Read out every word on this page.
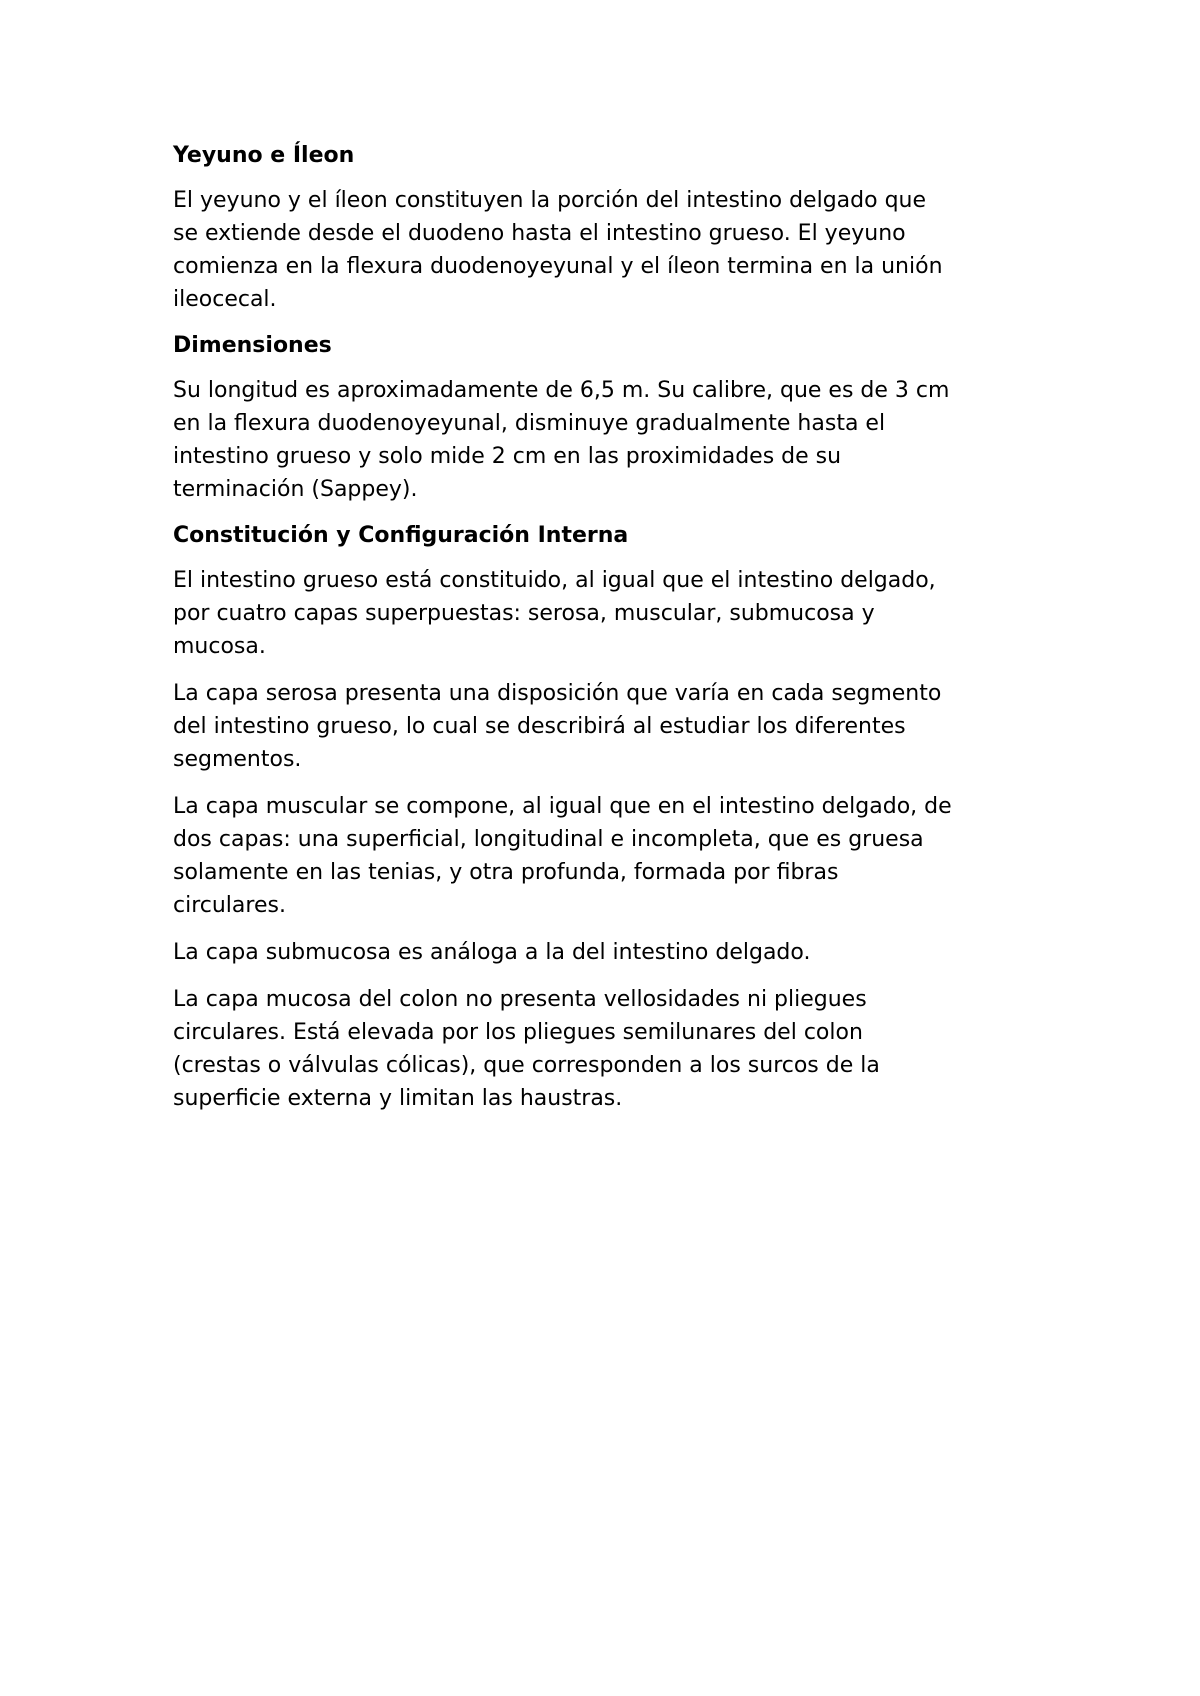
Yeyuno e Íleon
El yeyuno y el íleon constituyen la porción del intestino delgado que
se extiende desde el duodeno hasta el intestino grueso. El yeyuno
comienza en la flexura duodenoyeyunal y el íleon termina en la unión
ileocecal.
Dimensiones
Su longitud es aproximadamente de 6,5 m. Su calibre, que es de 3 cm
en la flexura duodenoyeyunal, disminuye gradualmente hasta el
intestino grueso y solo mide 2 cm en las proximidades de su
terminación (Sappey).
Constitución y Configuración Interna
El intestino grueso está constituido, al igual que el intestino delgado,
por cuatro capas superpuestas: serosa, muscular, submucosa y
mucosa.
La capa serosa presenta una disposición que varía en cada segmento
del intestino grueso, lo cual se describirá al estudiar los diferentes
segmentos.
La capa muscular se compone, al igual que en el intestino delgado, de
dos capas: una superficial, longitudinal e incompleta, que es gruesa
solamente en las tenias, y otra profunda, formada por fibras
circulares.
La capa submucosa es análoga a la del intestino delgado.
La capa mucosa del colon no presenta vellosidades ni pliegues
circulares. Está elevada por los pliegues semilunares del colon
(crestas o válvulas cólicas), que corresponden a los surcos de la
superficie externa y limitan las haustras.
